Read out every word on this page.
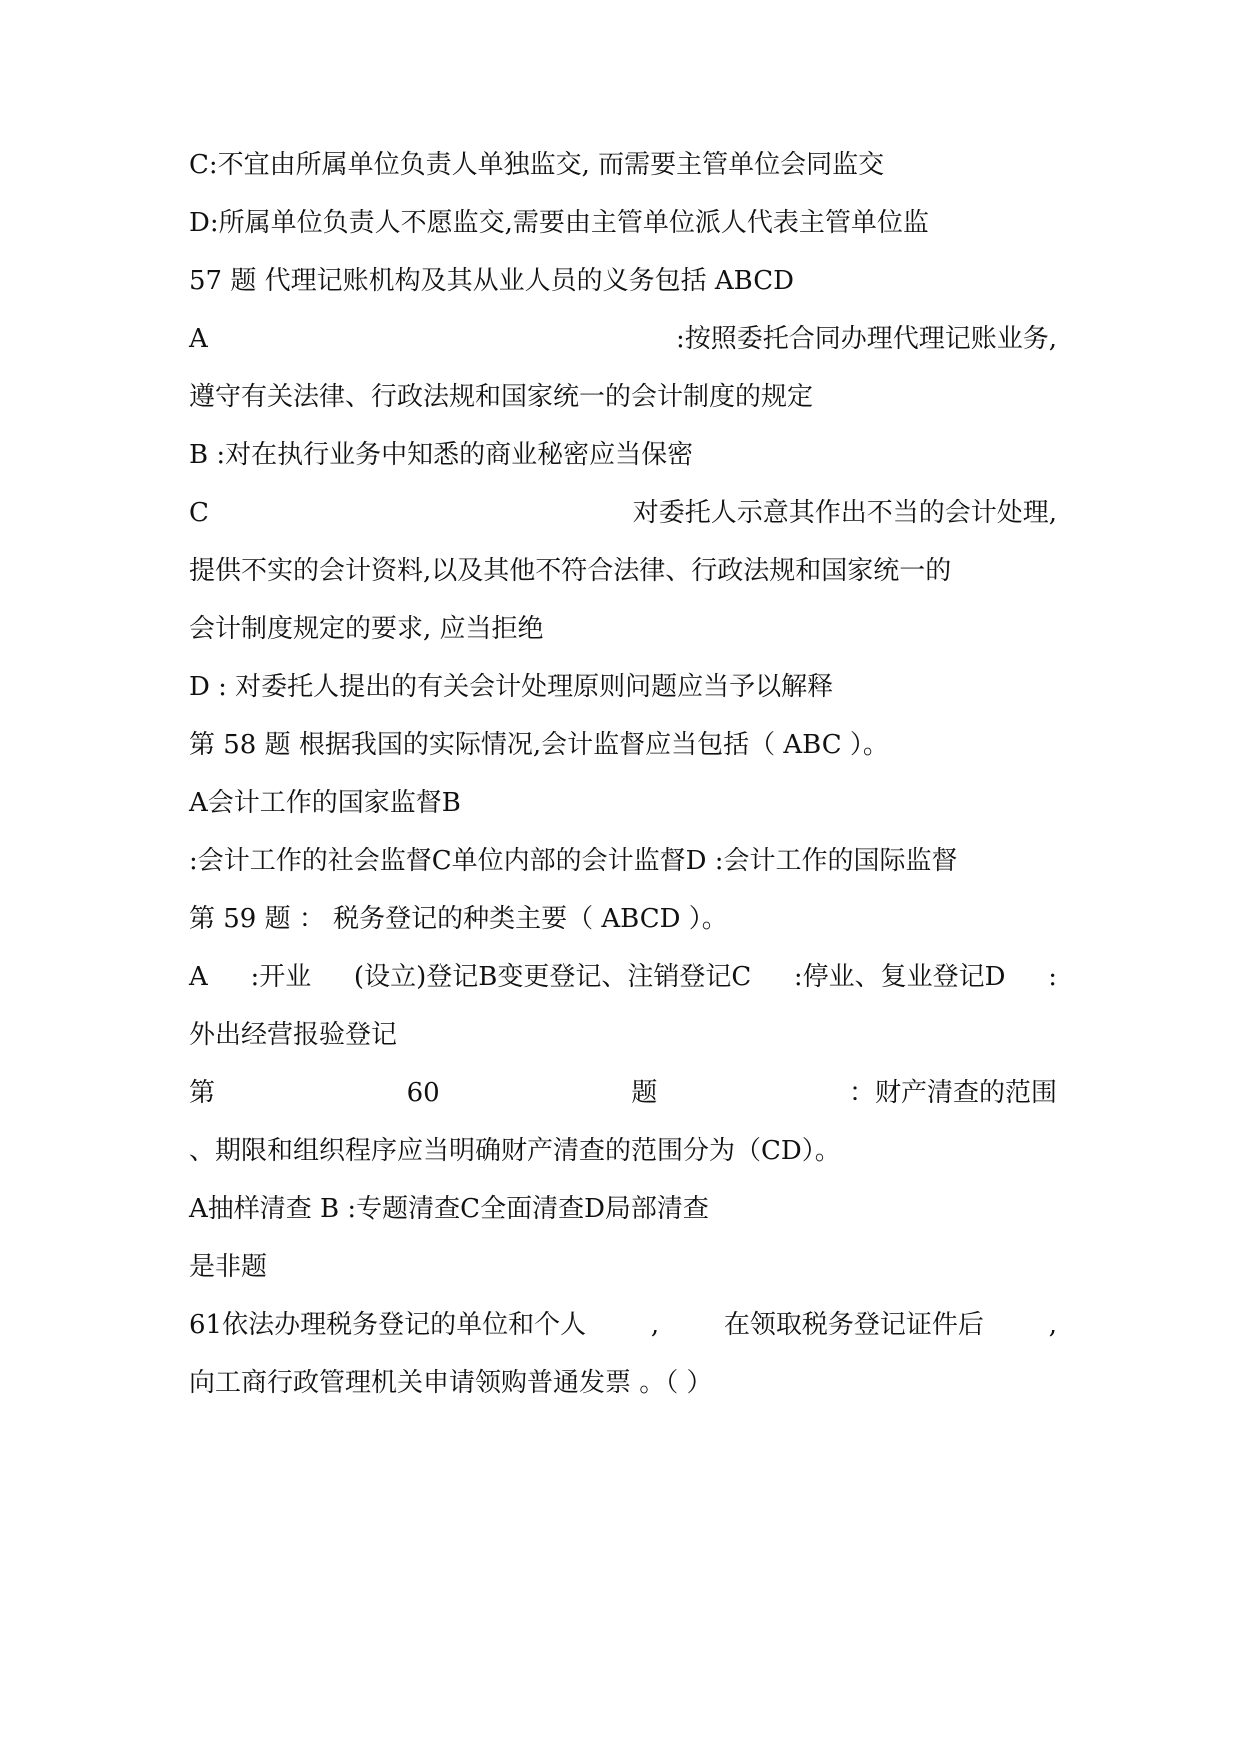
C:不宜由所属单位负责人单独监交, 而需要主管单位会同监交
D:所属单位负责人不愿监交,需要由主管单位派人代表主管单位监
57 题 代理记账机构及其从业人员的义务包括 ABCD
A	:按照委托合同办理代理记账业务,
遵守有关法律、行政法规和国家统一的会计制度的规定
B :对在执行业务中知悉的商业秘密应当保密
C	对委托人示意其作出不当的会计处理,
提供不实的会计资料,以及其他不符合法律、行政法规和国家统一的
会计制度规定的要求, 应当拒绝
D : 对委托人提出的有关会计处理原则问题应当予以解释
第 58 题 根据我国的实际情况,会计监督应当包括（ ABC ）。
A会计工作的国家监督B
:会计工作的社会监督C单位内部的会计监督D :会计工作的国际监督
第 59 题 ： 税务登记的种类主要（ ABCD ）。
A :开业 (设立)登记B变更登记、注销登记C :停业、复业登记D :
外出经营报验登记
第	60	题	：财产清查的范围
、期限和组织程序应当明确财产清查的范围分为（CD）。
A抽样清查 B :专题清查C全面清查D局部清查
是非题
61依法办理税务登记的单位和个人 , 在领取税务登记证件后 ,
向工商行政管理机关申请领购普通发票 。（ ）
